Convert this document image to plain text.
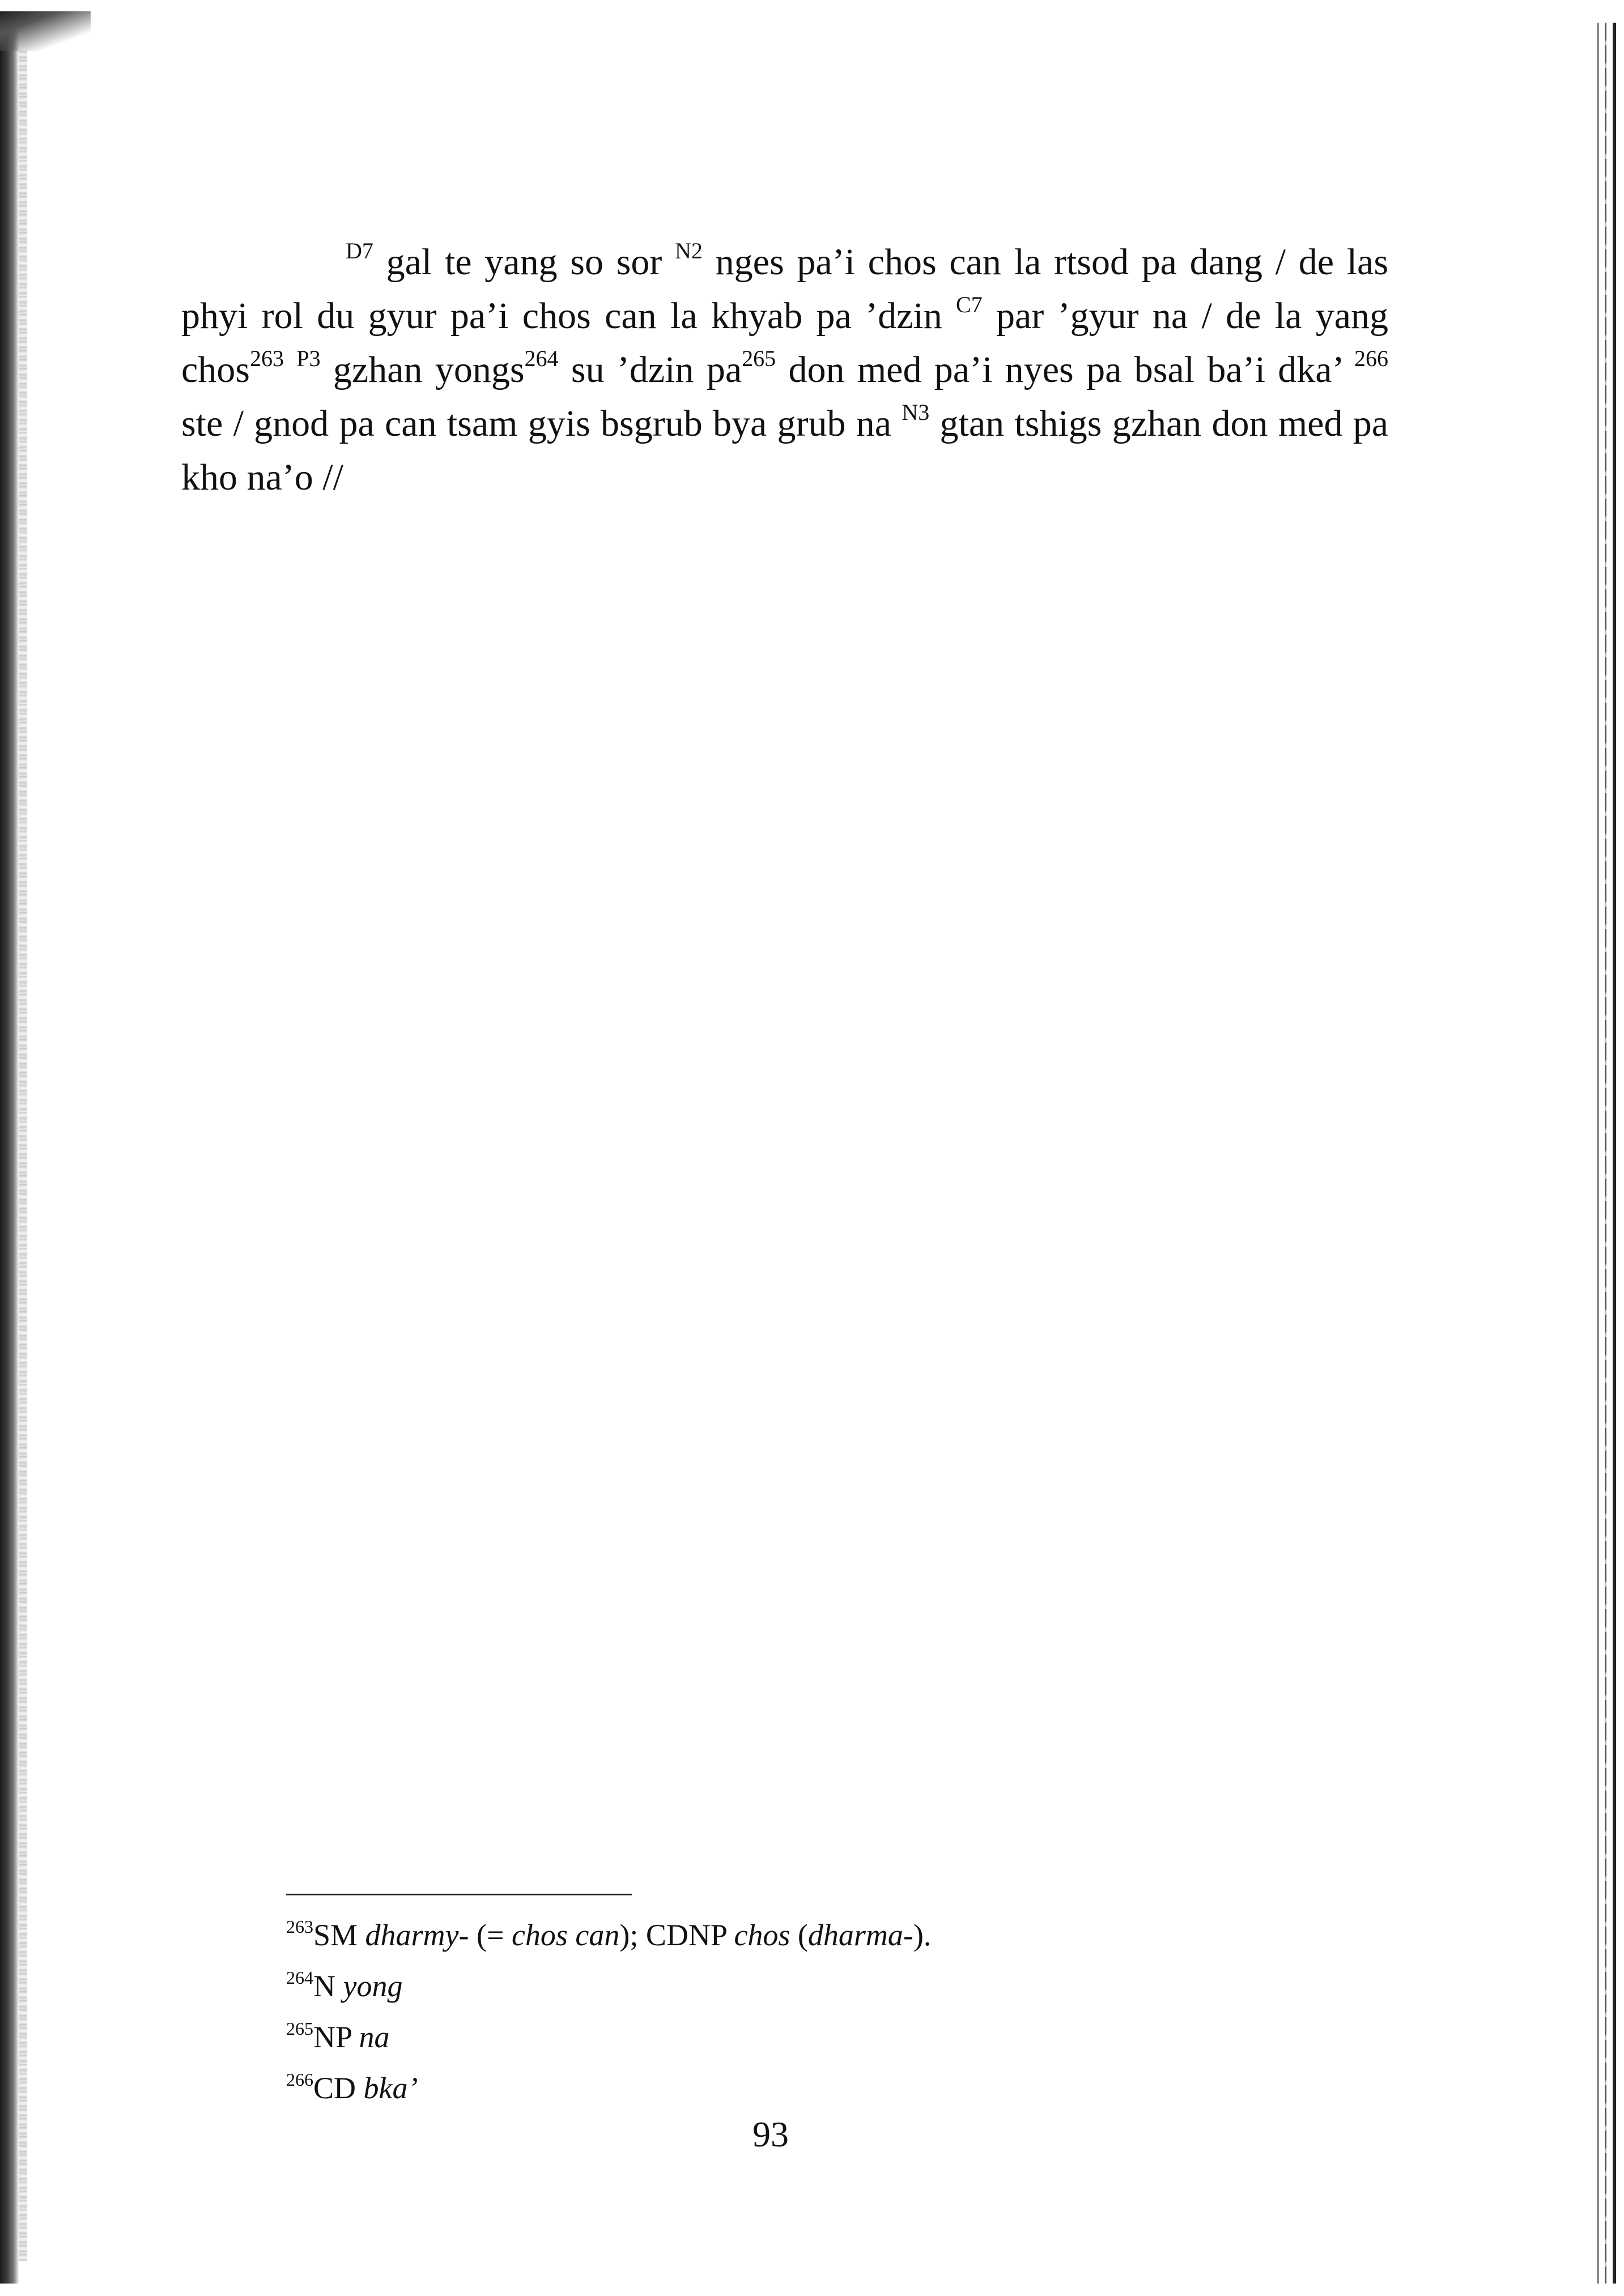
$^{D7}$ gal te yang so sor $^{N2}$ nges pa’i chos can la rtsod pa dang / de las phyi rol du gyur pa’i chos can la khyab pa ’dzin $^{C7}$ par ’gyur na / de la yang chos$^{263}$ $^{P3}$ gzhan yongs$^{264}$ su ’dzin $pa^{265}$ don med pa’i nyes pa bsal ba’i dka’ $^{266}$ ste / gnod pa can tsam gyis bsgrub bya grub na $^{N3}$ gtan tshigs gzhan don med pa kho na’o //

$^{263}$SM dharmy- (= chos can); CDNP chos (dharma-).
$^{264}$N yong
$^{265}$NP na
$^{266}$CD bka’
93
